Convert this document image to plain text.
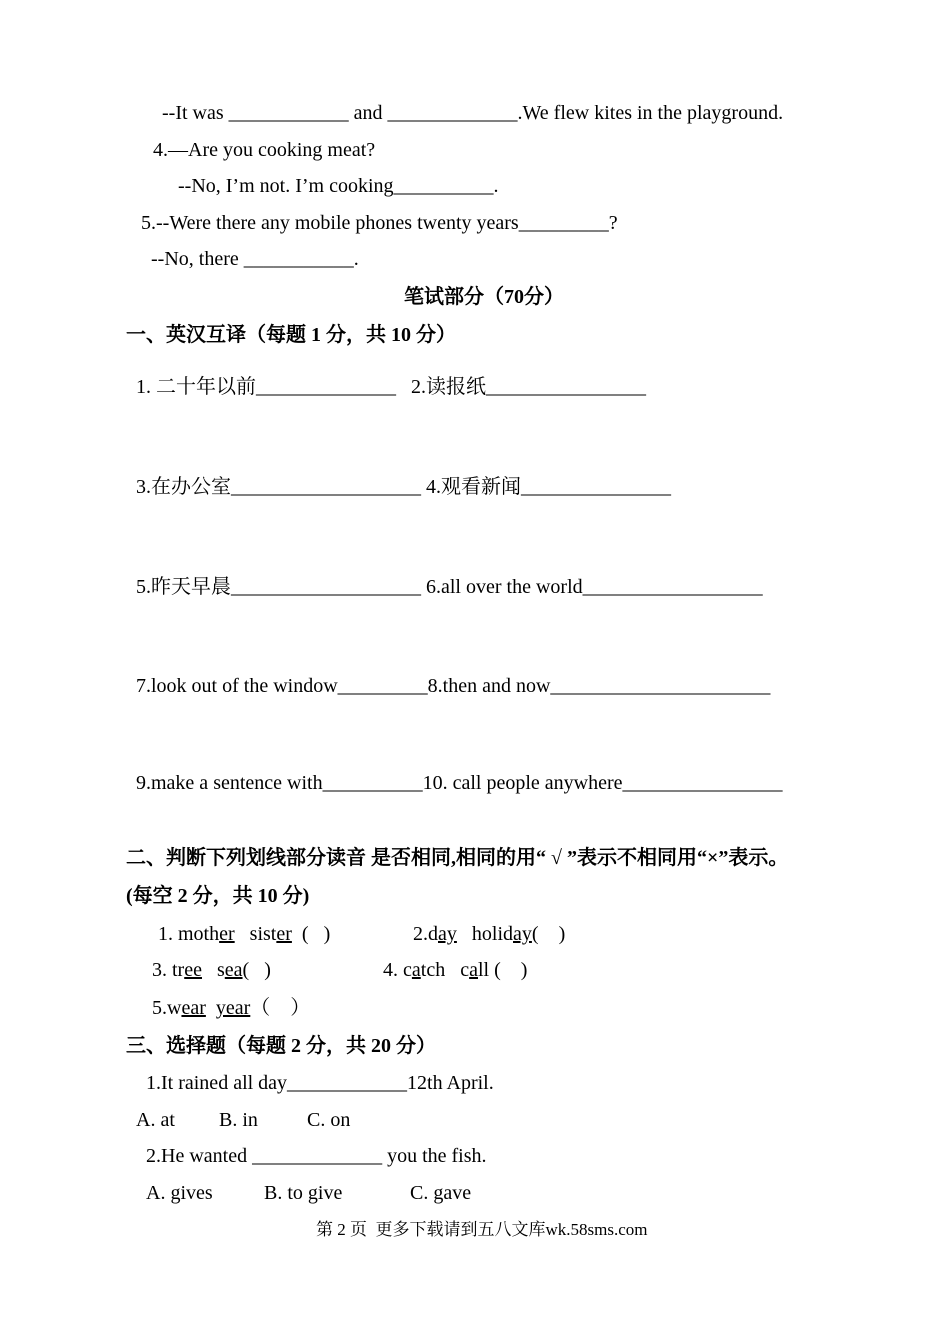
--It was ____________ and _____________.We flew kites in the playground.
4.—Are you cooking meat?
--No, I’m not. I’m cooking__________.
5.--Were there any mobile phones twenty years_________?
--No, there ___________.
笔试部分（70分）
一、英汉互译（每题 1 分，共 10 分）
1. 二十年以前______________   2.读报纸________________
3.在办公室___________________ 4.观看新闻_______________
5.昨天早晨___________________ 6.all over the world__________________
7.look out of the window_________8.then and now______________________
9.make a sentence with__________10. call people anywhere________________
二、判断下列划线部分读音 是否相同,相同的用“ √ ”表示不相同用“×”表示。
(每空 2 分，共 10 分)
1. mother   sister  (   )	2.day   holiday(    )
3. tree   sea(   )	4. catch   call (    )
5.wear year（    ）
三、选择题（每题 2 分，共 20 分）
1.It rained all day____________12th April.
A. at B. in C. on
2.He wanted _____________ you the fish.
A. gives	B. to give	C. gave
第 2 页  更多下载请到五八文库wk.58sms.com
